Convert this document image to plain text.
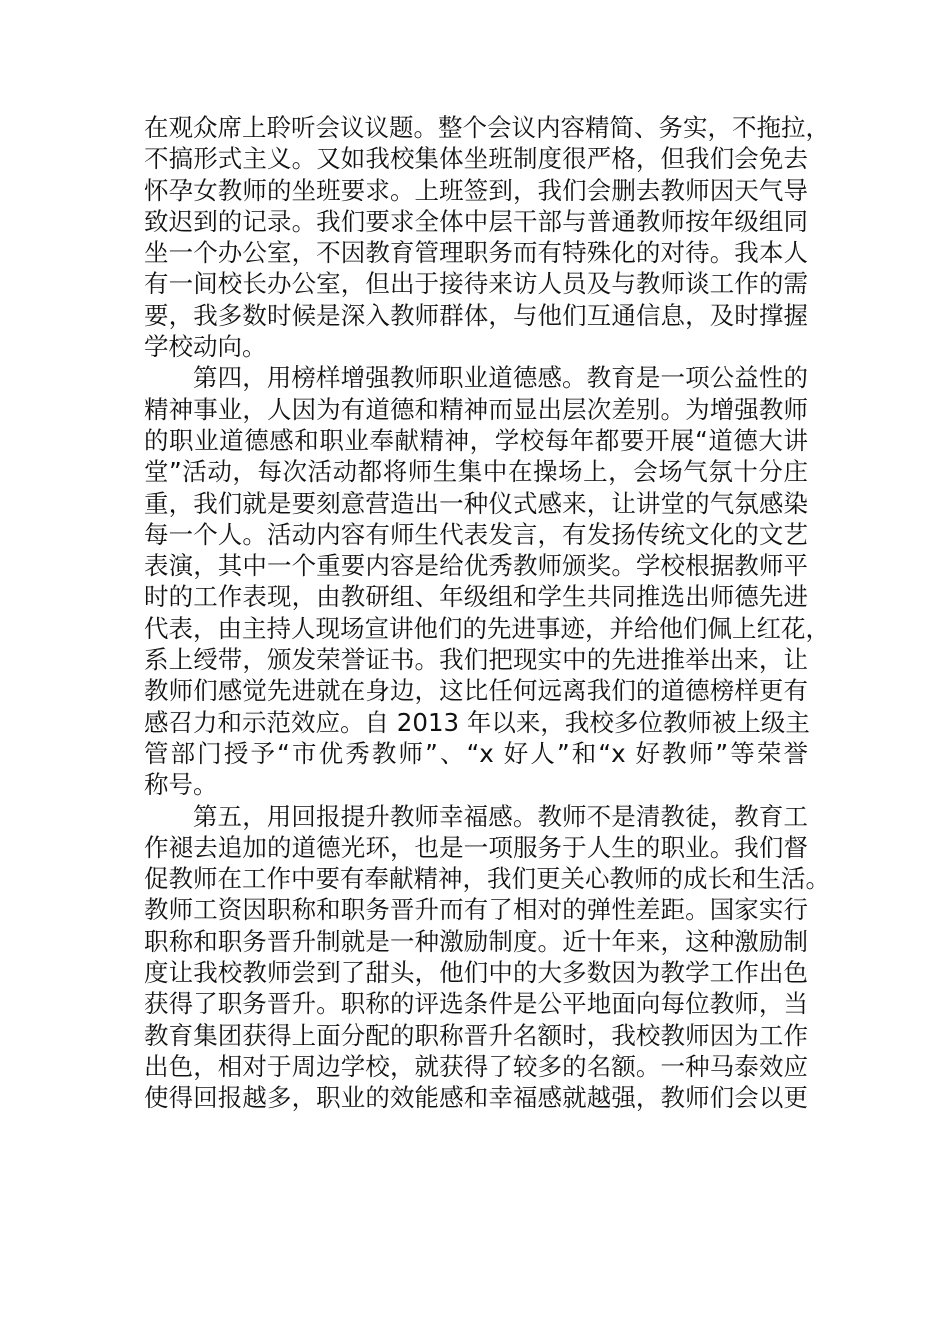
在观众席上聆听会议议题。整个会议内容精简、务实，不拖拉，
不搞形式主义。又如我校集体坐班制度很严格，但我们会免去
怀孕女教师的坐班要求。上班签到，我们会删去教师因天气导
致迟到的记录。我们要求全体中层干部与普通教师按年级组同
坐一个办公室，不因教育管理职务而有特殊化的对待。我本人
有一间校长办公室，但出于接待来访人员及与教师谈工作的需
要，我多数时候是深入教师群体，与他们互通信息，及时撑握
学校动向。
第四，用榜样增强教师职业道德感。教育是一项公益性的
精神事业，人因为有道德和精神而显出层次差别。为增强教师
的职业道德感和职业奉献精神，学校每年都要开展“道德大讲
堂”活动，每次活动都将师生集中在操场上，会场气氛十分庄
重，我们就是要刻意营造出一种仪式感来，让讲堂的气氛感染
每一个人。活动内容有师生代表发言，有发扬传统文化的文艺
表演，其中一个重要内容是给优秀教师颁奖。学校根据教师平
时的工作表现，由教研组、年级组和学生共同推选出师德先进
代表，由主持人现场宣讲他们的先进事迹，并给他们佩上红花，
系上绶带，颁发荣誉证书。我们把现实中的先进推举出来，让
教师们感觉先进就在身边，这比任何远离我们的道德榜样更有
感召力和示范效应。自 2013 年以来，我校多位教师被上级主
管部门授予“市优秀教师”、“x 好人”和“x 好教师”等荣誉
称号。
第五，用回报提升教师幸福感。教师不是清教徒，教育工
作褪去追加的道德光环，也是一项服务于人生的职业。我们督
促教师在工作中要有奉献精神，我们更关心教师的成长和生活。
教师工资因职称和职务晋升而有了相对的弹性差距。国家实行
职称和职务晋升制就是一种激励制度。近十年来，这种激励制
度让我校教师尝到了甜头，他们中的大多数因为教学工作出色
获得了职务晋升。职称的评选条件是公平地面向每位教师，当
教育集团获得上面分配的职称晋升名额时，我校教师因为工作
出色，相对于周边学校，就获得了较多的名额。一种马泰效应
使得回报越多，职业的效能感和幸福感就越强，教师们会以更
